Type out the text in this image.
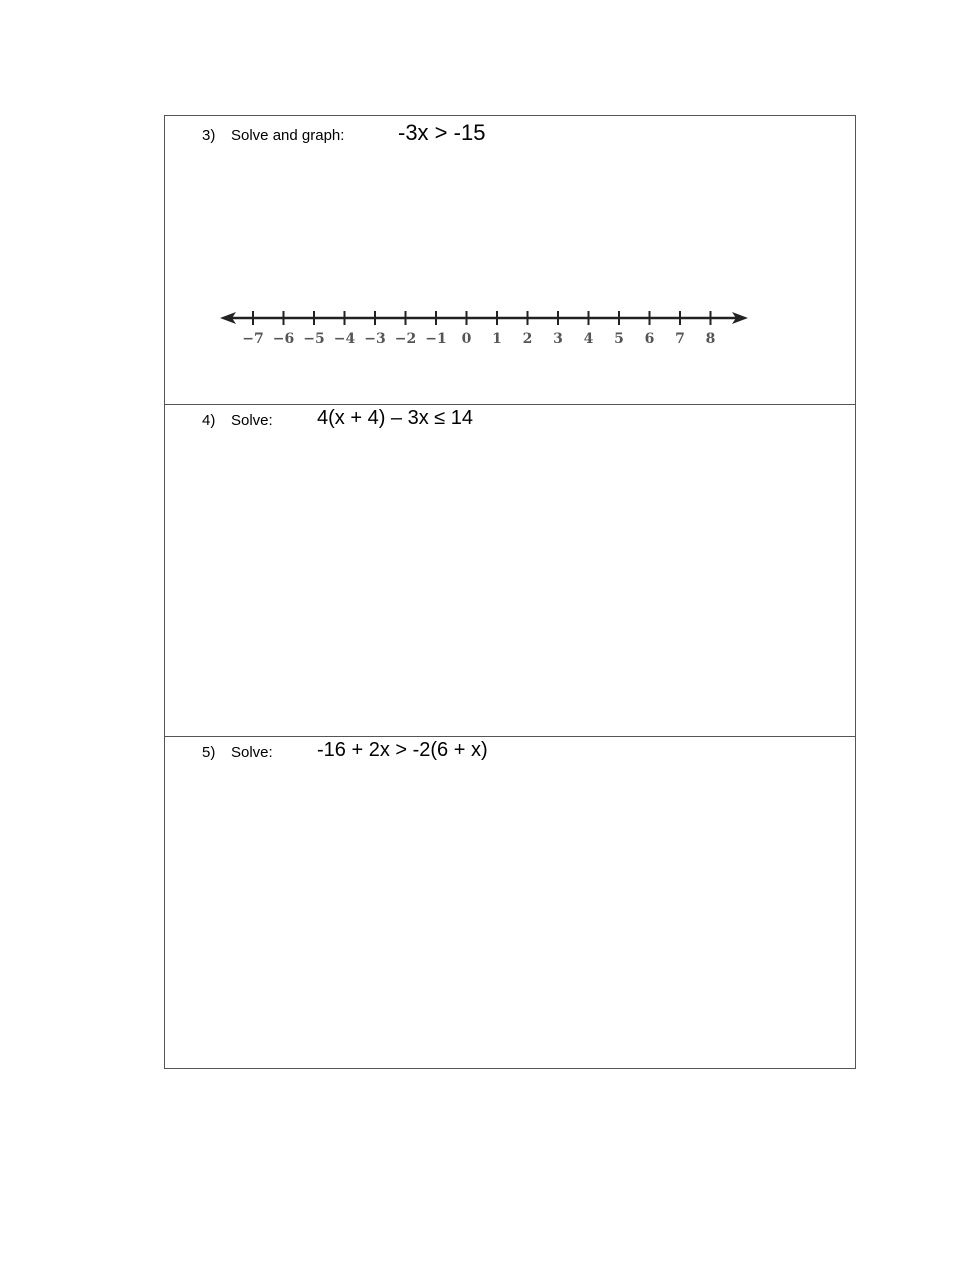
3) Solve and graph: -3x > -15
−7 −6 −5 −4 −3 −2 −1 0 1 2 3 4 5 6 7 8
4) Solve: 4(x + 4) – 3x ≤ 14
5) Solve: -16 + 2x > -2(6 + x)
